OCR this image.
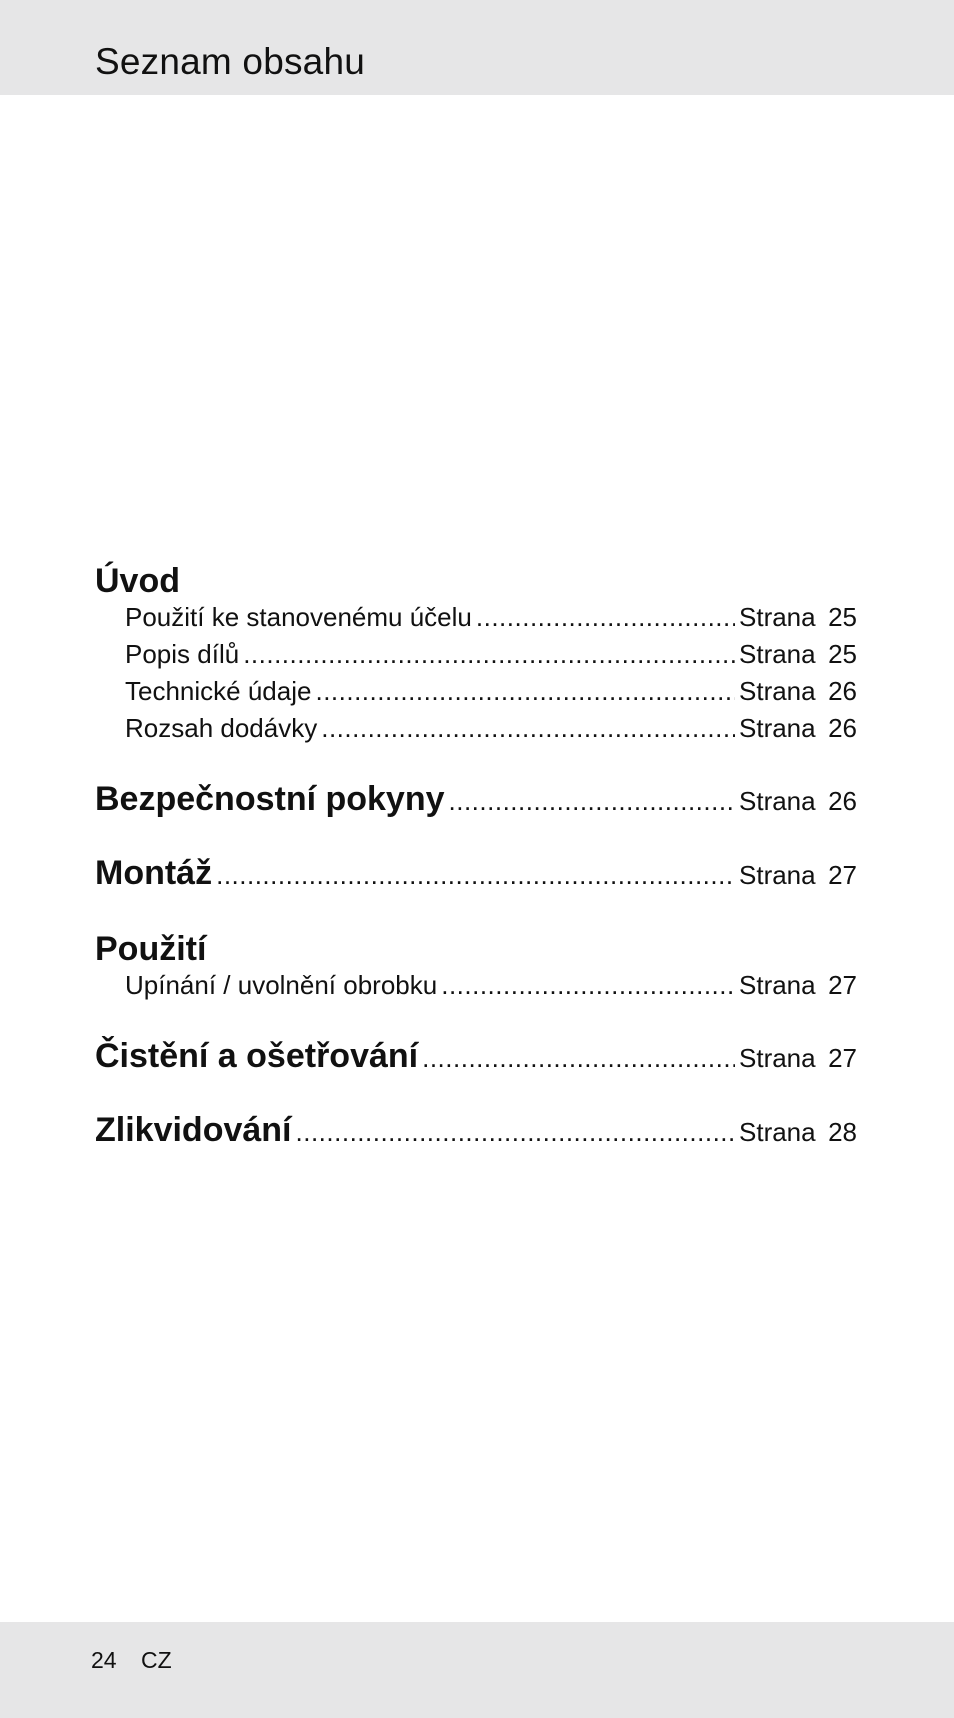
Seznam obsahu
Úvod
Použití ke stanovenému účelu .....	Strana 25
Popis dílů .....	Strana 25
Technické údaje .....	Strana 26
Rozsah dodávky .....	Strana 26
Bezpečnostní pokyny .....	Strana 26
Montáž .....	Strana 27
Použití
Upínání / uvolnění obrobku .....	Strana 27
Čistění a ošetřování .....	Strana 27
Zlikvidování .....	Strana 28
24 CZ
